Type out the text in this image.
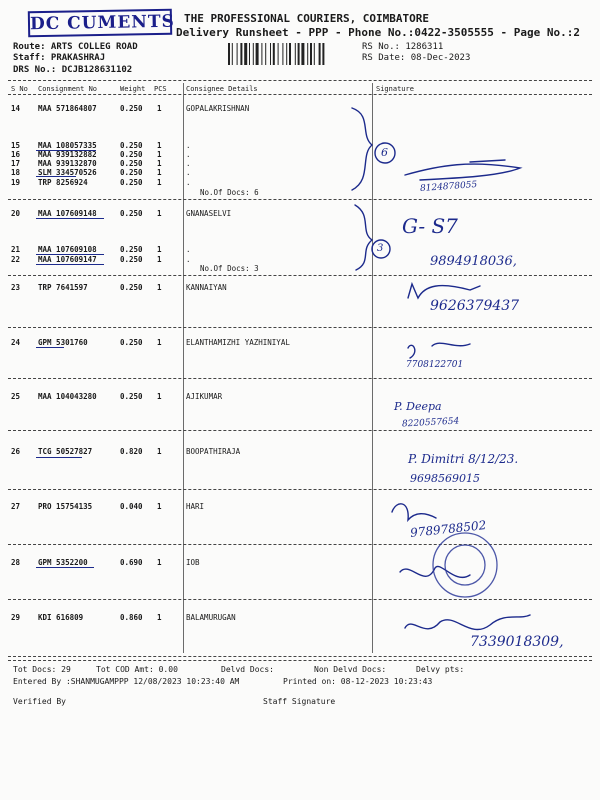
DC CUMENTS THE PROFESSIONAL COURIERS, COIMBATORE
Delivery Runsheet - PPP - Phone No.:0422-3505555 - Page No.:2
Route: ARTS COLLEG ROAD
Staff: PRAKASHRAJ
DRS No.: DCJB128631102
RS No.: 1286311
RS Date: 08-Dec-2023
S No Consignment No	Weight PCS	Consignee Details	Signature
14 MAA 571864807	0.250 1	GOPALAKRISHNAN
15 MAA 108057335	0.250 1	.
16 MAA 939132882	0.250 1	.
17 MAA 939132870	0.250 1	.
18 SLM 334570526	0.250 1	.
19 TRP 8256924	0.250 1	.
No.Of Docs: 6
20 MAA 107609148	0.250 1	GNANASELVI
21 MAA 107609108	0.250 1	.
22 MAA 107609147	0.250 1	.
No.Of Docs: 3
23 TRP 7641597	0.250 1	KANNAIYAN
24 GPM 5301760	0.250 1	ELANTHAMIZHI YAZHINIYAL
25 MAA 104043280	0.250 1	AJIKUMAR
26 TCG 50527827	0.820 1	BOOPATHIRAJA
27 PRO 15754135	0.040 1	HARI
28 GPM 5352200	0.690 1	IOB
29 KDI 616809	0.860 1	BALAMURUGAN
6
8124878055
3
G- S7
9894918036,
9626379437
7708122701
P. Deepa
8220557654
P. Dimitri 8/12/23.
9698569015
9789788502
7339018309,
Tot Docs: 29	Tot COD Amt: 0.00	Delvd Docs:	Non Delvd Docs:	Delvy pts:
Entered By :SHANMUGAMPPP 12/08/2023 10:23:40 AM	Printed on: 08-12-2023 10:23:43
Verified By	Staff Signature
